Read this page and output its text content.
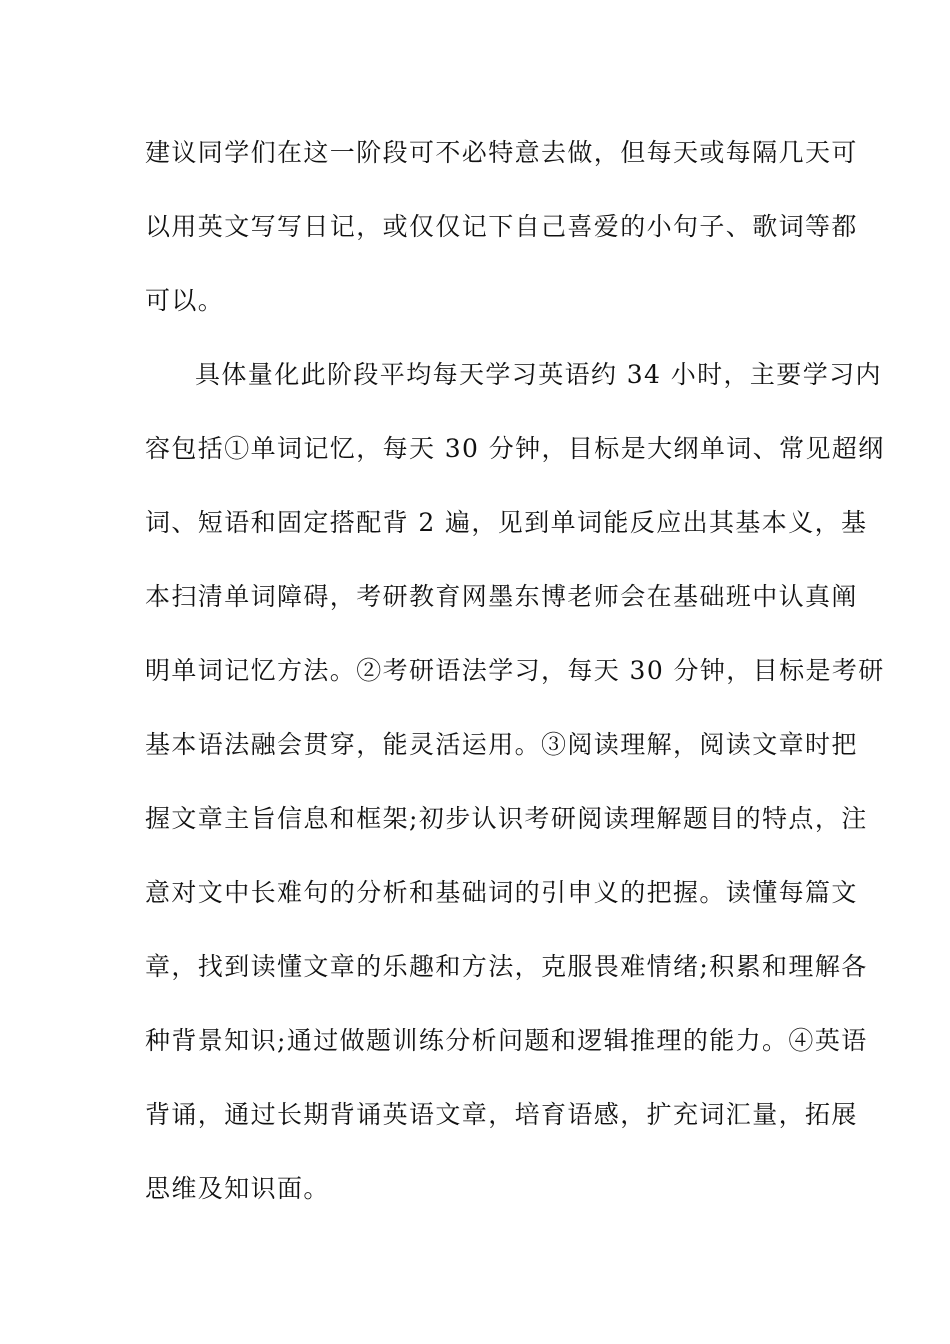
建议同学们在这一阶段可不必特意去做，但每天或每隔几天可
以用英文写写日记，或仅仅记下自己喜爱的小句子、歌词等都
可以。
具体量化此阶段平均每天学习英语约 34 小时，主要学习内
容包括①单词记忆，每天 30 分钟，目标是大纲单词、常见超纲
词、短语和固定搭配背 2 遍，见到单词能反应出其基本义，基
本扫清单词障碍，考研教育网墨东博老师会在基础班中认真阐
明单词记忆方法。②考研语法学习，每天 30 分钟，目标是考研
基本语法融会贯穿，能灵活运用。③阅读理解，阅读文章时把
握文章主旨信息和框架;初步认识考研阅读理解题目的特点，注
意对文中长难句的分析和基础词的引申义的把握。读懂每篇文
章，找到读懂文章的乐趣和方法，克服畏难情绪;积累和理解各
种背景知识;通过做题训练分析问题和逻辑推理的能力。④英语
背诵，通过长期背诵英语文章，培育语感，扩充词汇量，拓展
思维及知识面。
